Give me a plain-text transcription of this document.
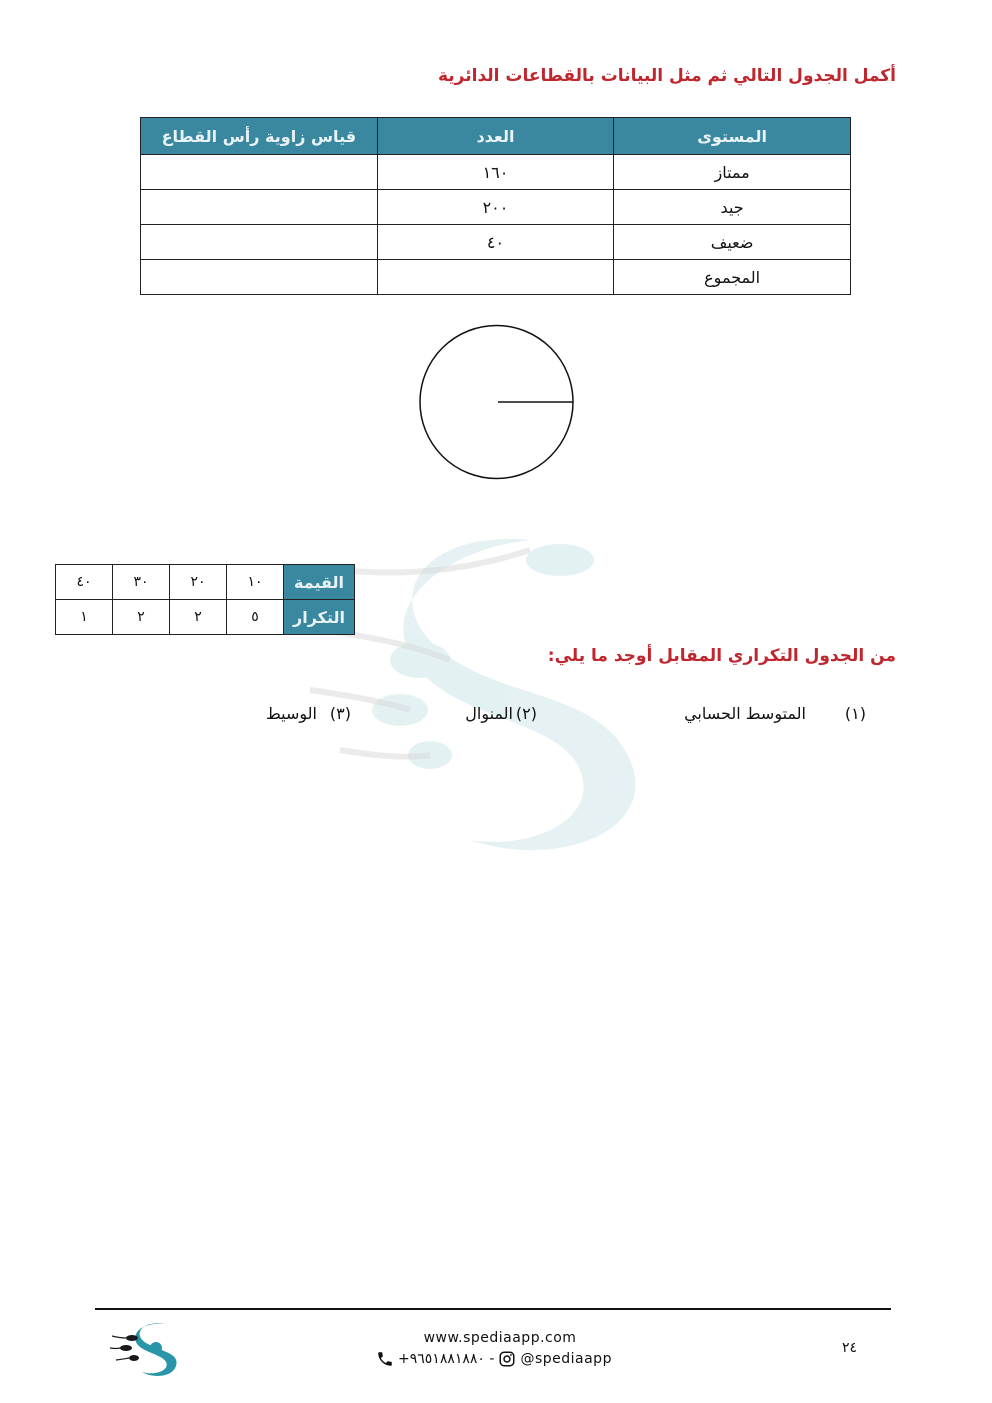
أكمل الجدول التالي ثم مثل البيانات بالقطاعات الدائرية
المستوى	العدد	قياس زاوية رأس القطاع
ممتاز	١٦٠	
جيد	٢٠٠	
ضعيف	٤٠	
المجموع		
القيمة	١٠	٢٠	٣٠	٤٠
التكرار	٥	٢	٢	١
من الجدول التكراري المقابل أوجد ما يلي:
(١)
المتوسط الحسابي
(٢)
المنوال
(٣)
الوسيط
www.spediaapp.com
+٩٦٥١٨٨١٨٨٠ - @spediaapp
٢٤
